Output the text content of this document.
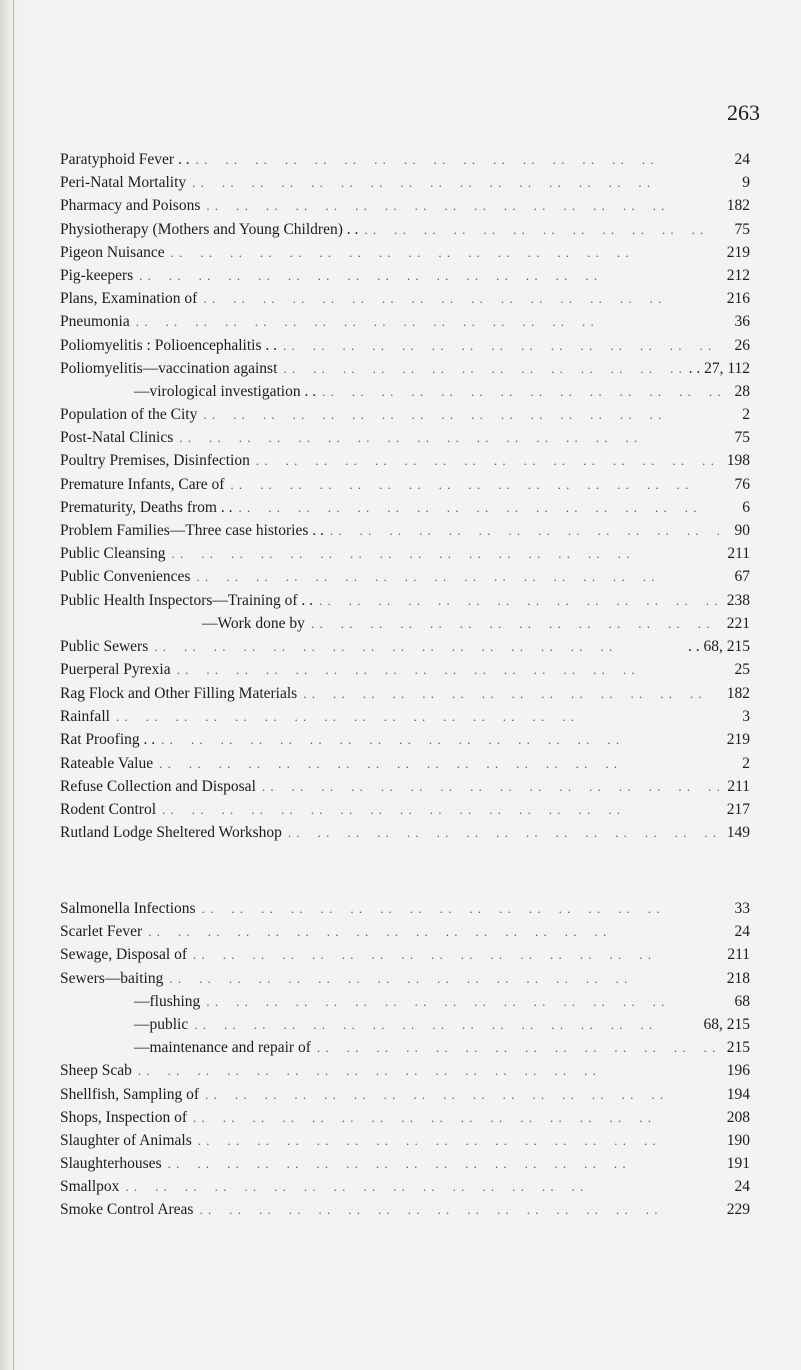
263
Paratyphoid Fever . . . .	24
Peri-Natal Mortality . .	9
Pharmacy and Poisons . .	182
Physiotherapy (Mothers and Young Children) . . . .	75
Pigeon Nuisance . .	219
Pig-keepers . .	212
Plans, Examination of . .	216
Pneumonia . .	36
Poliomyelitis : Polioencephalitis . . . .	26
Poliomyelitis—vaccination against . .	. . 27, 112
—virological investigation . . . .	28
Population of the City . .	2
Post-Natal Clinics . .	75
Poultry Premises, Disinfection . .	198
Premature Infants, Care of . .	76
Prematurity, Deaths from . . . .	6
Problem Families—Three case histories . . . .	90
Public Cleansing . .	211
Public Conveniences . .	67
Public Health Inspectors—Training of . . . .	238
—Work done by . .	221
Public Sewers . .	. . 68, 215
Puerperal Pyrexia . .	25
Rag Flock and Other Filling Materials . .	182
Rainfall . .	3
Rat Proofing . . . .	219
Rateable Value . .	2
Refuse Collection and Disposal . .	211
Rodent Control . .	217
Rutland Lodge Sheltered Workshop . .	149
Salmonella Infections . .	33
Scarlet Fever . .	24
Sewage, Disposal of . .	211
Sewers—baiting . .	218
—flushing . .	68
—public . .	68, 215
—maintenance and repair of . .	215
Sheep Scab . .	196
Shellfish, Sampling of . .	194
Shops, Inspection of . .	208
Slaughter of Animals . .	190
Slaughterhouses . .	191
Smallpox . .	24
Smoke Control Areas . .	229
